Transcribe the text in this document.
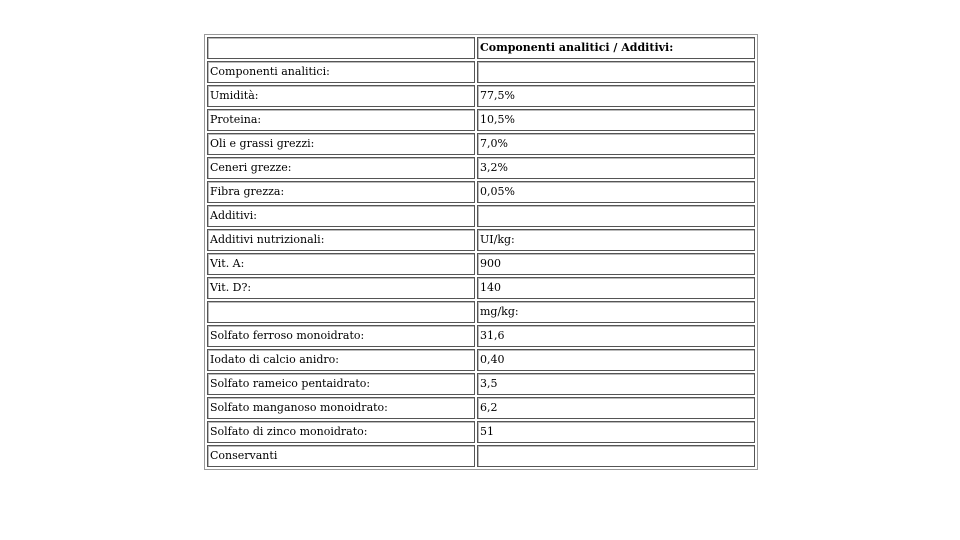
	Componenti analitici / Additivi:
Componenti analitici:	
Umidità:	77,5%
Proteina:	10,5%
Oli e grassi grezzi:	7,0%
Ceneri grezze:	3,2%
Fibra grezza:	0,05%
Additivi:	
Additivi nutrizionali:	UI/kg:
Vit. A:	900
Vit. D?:	140
	mg/kg:
Solfato ferroso monoidrato:	31,6
Iodato di calcio anidro:	0,40
Solfato rameico pentaidrato:	3,5
Solfato manganoso monoidrato:	6,2
Solfato di zinco monoidrato:	51
Conservanti	
